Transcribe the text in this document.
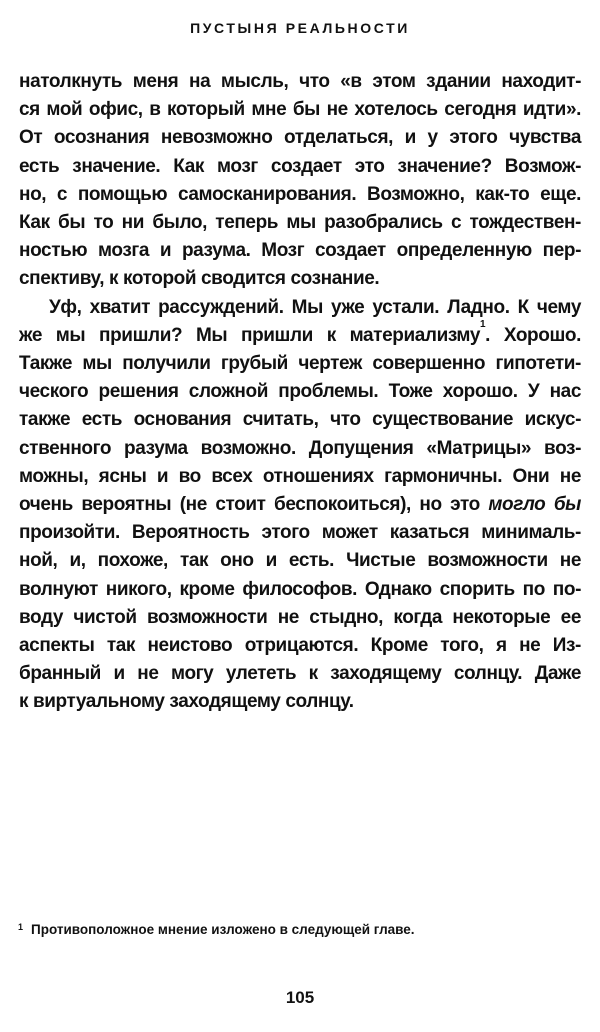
ПУСТЫНЯ РЕАЛЬНОСТИ
натолкнуть меня на мысль, что «в этом здании находит-
ся мой офис, в который мне бы не хотелось сегодня идти».
От осознания невозможно отделаться, и у этого чувства
есть значение. Как мозг создает это значение? Возмож-
но, с помощью самосканирования. Возможно, как-то еще.
Как бы то ни было, теперь мы разобрались с тождествен-
ностью мозга и разума. Мозг создает определенную пер-
спективу, к которой сводится сознание.
Уф, хватит рассуждений. Мы уже устали. Ладно. К чему
же мы пришли? Мы пришли к материализму$^1$. Хорошо.
Также мы получили грубый чертеж совершенно гипотети-
ческого решения сложной проблемы. Тоже хорошо. У нас
также есть основания считать, что существование искус-
ственного разума возможно. Допущения «Матрицы» воз-
можны, ясны и во всех отношениях гармоничны. Они не
очень вероятны (не стоит беспокоиться), но это могло бы
произойти. Вероятность этого может казаться минималь-
ной, и, похоже, так оно и есть. Чистые возможности не
волнуют никого, кроме философов. Однако спорить по по-
воду чистой возможности не стыдно, когда некоторые ее
аспекты так неистово отрицаются. Кроме того, я не Из-
бранный и не могу улететь к заходящему солнцу. Даже
к виртуальному заходящему солнцу.
$^1$ Противоположное мнение изложено в следующей главе.
105
